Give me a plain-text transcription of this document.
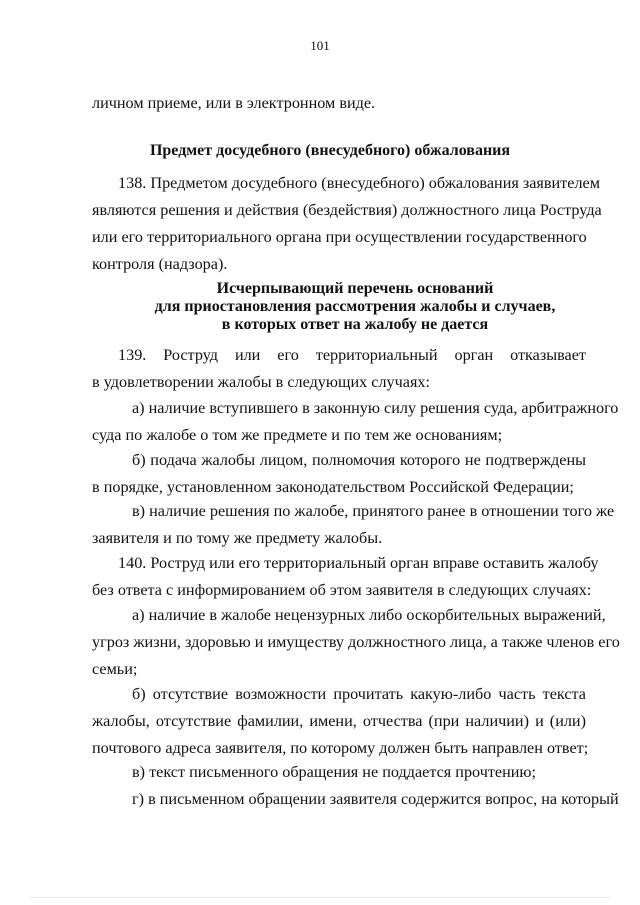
101
личном приеме, или в электронном виде.
Предмет досудебного (внесудебного) обжалования
138. Предметом досудебного (внесудебного) обжалования заявителем
являются решения и действия (бездействия) должностного лица Роструда
или его территориального органа при осуществлении государственного
контроля (надзора).
Исчерпывающий перечень оснований
для приостановления рассмотрения жалобы и случаев,
в которых ответ на жалобу не дается
139. Роструд или его территориальный орган отказывает
в удовлетворении жалобы в следующих случаях:
а) наличие вступившего в законную силу решения суда, арбитражного
суда по жалобе о том же предмете и по тем же основаниям;
б) подача жалобы лицом, полномочия которого не подтверждены
в порядке, установленном законодательством Российской Федерации;
в) наличие решения по жалобе, принятого ранее в отношении того же
заявителя и по тому же предмету жалобы.
140. Роструд или его территориальный орган вправе оставить жалобу
без ответа с информированием об этом заявителя в следующих случаях:
а) наличие в жалобе нецензурных либо оскорбительных выражений,
угроз жизни, здоровью и имуществу должностного лица, а также членов его
семьи;
б) отсутствие возможности прочитать какую-либо часть текста
жалобы, отсутствие фамилии, имени, отчества (при наличии) и (или)
почтового адреса заявителя, по которому должен быть направлен ответ;
в) текст письменного обращения не поддается прочтению;
г) в письменном обращении заявителя содержится вопрос, на который
